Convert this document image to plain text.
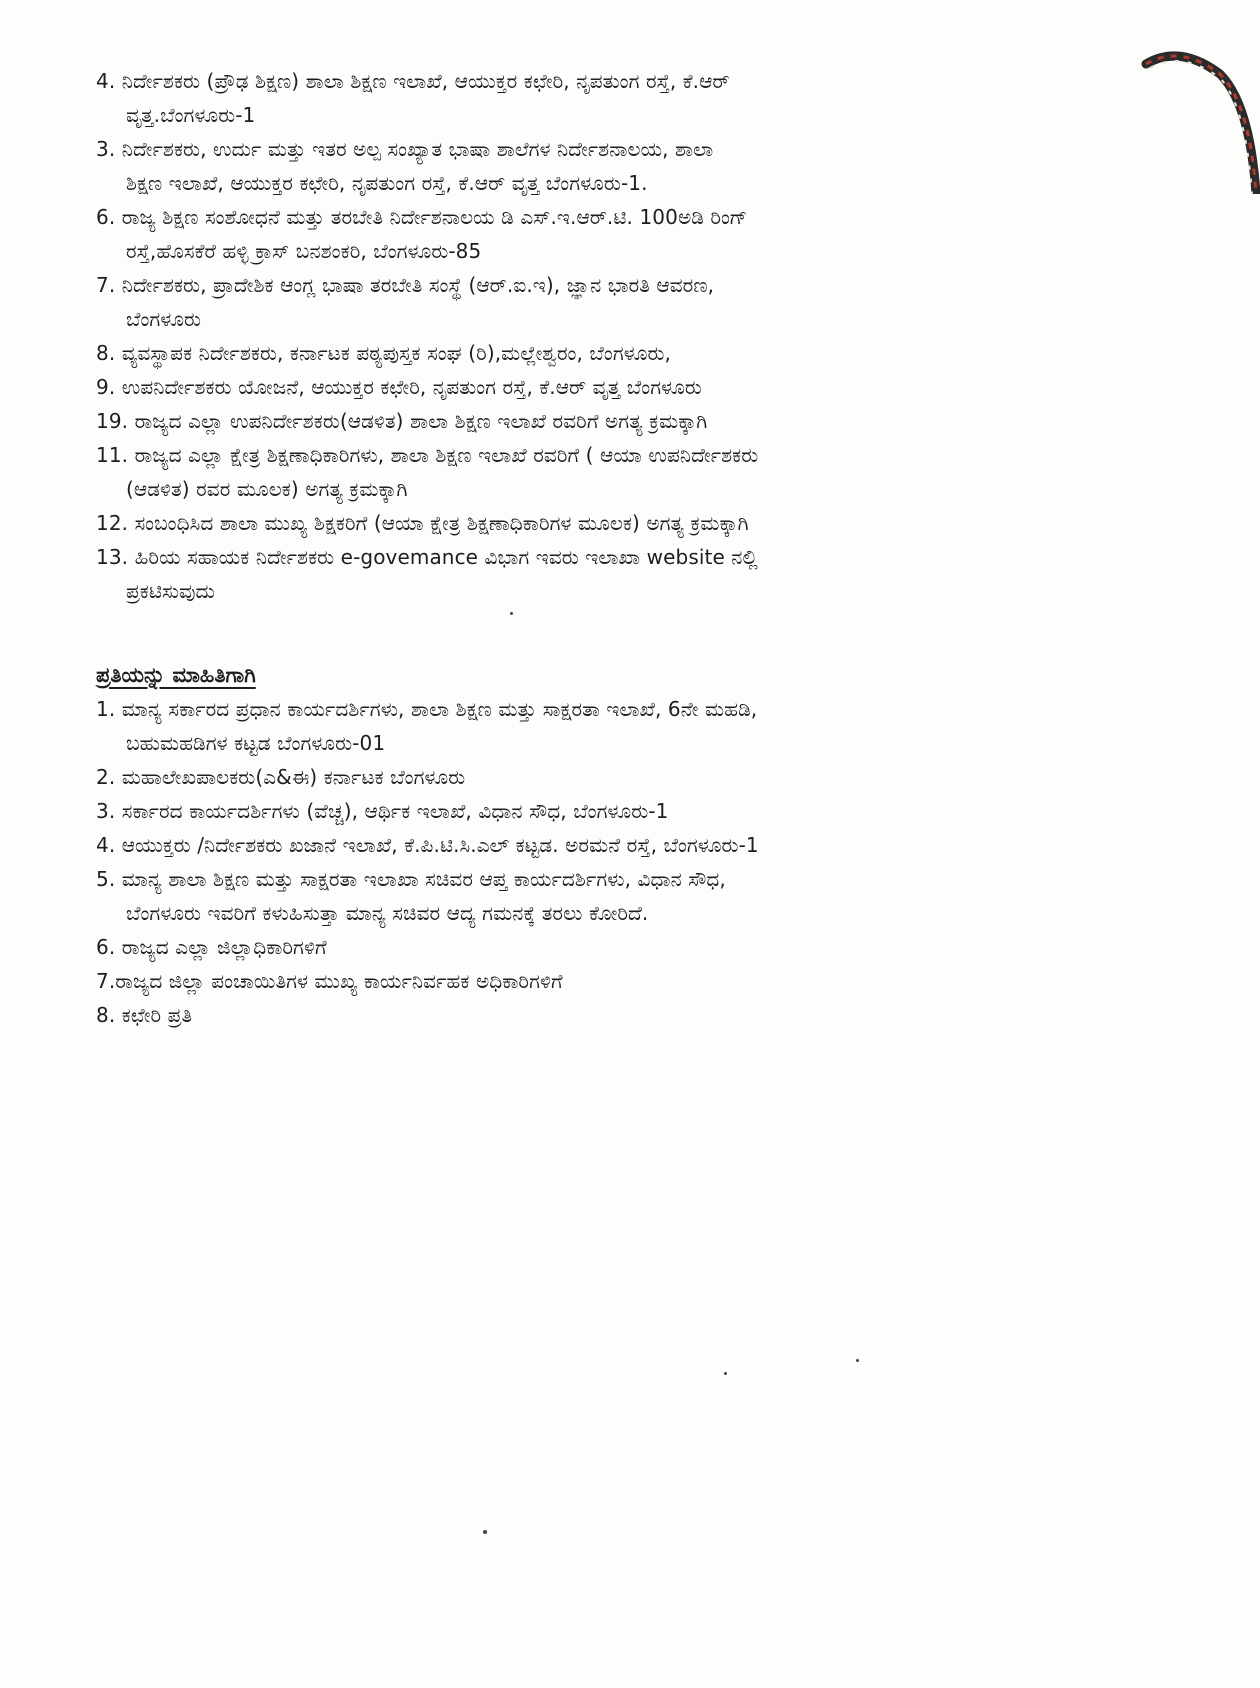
4. ನಿರ್ದೇಶಕರು (ಪ್ರೌಢ ಶಿಕ್ಷಣ) ಶಾಲಾ ಶಿಕ್ಷಣ ಇಲಾಖೆ, ಆಯುಕ್ತರ ಕಛೇರಿ, ನೃಪತುಂಗ ರಸ್ತೆ, ಕೆ.ಆರ್
ವೃತ್ತ.ಬೆಂಗಳೂರು-1
3. ನಿರ್ದೇಶಕರು, ಉರ್ದು ಮತ್ತು ಇತರ ಅಲ್ಪ ಸಂಖ್ಯಾತ ಭಾಷಾ ಶಾಲೆಗಳ ನಿರ್ದೇಶನಾಲಯ, ಶಾಲಾ
ಶಿಕ್ಷಣ ಇಲಾಖೆ, ಆಯುಕ್ತರ ಕಛೇರಿ, ನೃಪತುಂಗ ರಸ್ತೆ, ಕೆ.ಆರ್ ವೃತ್ತ ಬೆಂಗಳೂರು-1.
6. ರಾಜ್ಯ ಶಿಕ್ಷಣ ಸಂಶೋಧನೆ ಮತ್ತು ತರಬೇತಿ ನಿರ್ದೇಶನಾಲಯ ಡಿ ಎಸ್.ಇ.ಆರ್.ಟಿ. 100ಅಡಿ ರಿಂಗ್
ರಸ್ತೆ,ಹೊಸಕೆರೆ ಹಳ್ಳಿ ಕ್ರಾಸ್ ಬನಶಂಕರಿ, ಬೆಂಗಳೂರು-85
7. ನಿರ್ದೇಶಕರು, ಪ್ರಾದೇಶಿಕ ಆಂಗ್ಲ ಭಾಷಾ ತರಬೇತಿ ಸಂಸ್ಥೆ (ಆರ್.ಐ.ಇ), ಜ್ಞಾನ ಭಾರತಿ ಆವರಣ,
ಬೆಂಗಳೂರು
8. ವ್ಯವಸ್ಥಾಪಕ ನಿರ್ದೇಶಕರು, ಕರ್ನಾಟಕ ಪಠ್ಯಪುಸ್ತಕ ಸಂಘ (ರಿ),ಮಲ್ಲೇಶ್ವರಂ, ಬೆಂಗಳೂರು,
9. ಉಪನಿರ್ದೇಶಕರು ಯೋಜನೆ, ಆಯುಕ್ತರ ಕಛೇರಿ, ನೃಪತುಂಗ ರಸ್ತೆ, ಕೆ.ಆರ್ ವೃತ್ತ ಬೆಂಗಳೂರು
19. ರಾಜ್ಯದ ಎಲ್ಲಾ ಉಪನಿರ್ದೇಶಕರು(ಆಡಳಿತ) ಶಾಲಾ ಶಿಕ್ಷಣ ಇಲಾಖೆ ರವರಿಗೆ ಅಗತ್ಯ ಕ್ರಮಕ್ಕಾಗಿ
11. ರಾಜ್ಯದ ಎಲ್ಲಾ ಕ್ಷೇತ್ರ ಶಿಕ್ಷಣಾಧಿಕಾರಿಗಳು, ಶಾಲಾ ಶಿಕ್ಷಣ ಇಲಾಖೆ ರವರಿಗೆ ( ಆಯಾ ಉಪನಿರ್ದೇಶಕರು
(ಆಡಳಿತ) ರವರ ಮೂಲಕ) ಅಗತ್ಯ ಕ್ರಮಕ್ಕಾಗಿ
12. ಸಂಬಂಧಿಸಿದ ಶಾಲಾ ಮುಖ್ಯ ಶಿಕ್ಷಕರಿಗೆ (ಆಯಾ ಕ್ಷೇತ್ರ ಶಿಕ್ಷಣಾಧಿಕಾರಿಗಳ ಮೂಲಕ) ಅಗತ್ಯ ಕ್ರಮಕ್ಕಾಗಿ
13. ಹಿರಿಯ ಸಹಾಯಕ ನಿರ್ದೇಶಕರು e-govemance ವಿಭಾಗ ಇವರು ಇಲಾಖಾ website ನಲ್ಲಿ
ಪ್ರಕಟಿಸುವುದು
ಪ್ರತಿಯನ್ನು ಮಾಹಿತಿಗಾಗಿ
1. ಮಾನ್ಯ ಸರ್ಕಾರದ ಪ್ರಧಾನ ಕಾರ್ಯದರ್ಶಿಗಳು, ಶಾಲಾ ಶಿಕ್ಷಣ ಮತ್ತು ಸಾಕ್ಷರತಾ ಇಲಾಖೆ, 6ನೇ ಮಹಡಿ,
ಬಹುಮಹಡಿಗಳ ಕಟ್ಟಡ ಬೆಂಗಳೂರು-01
2. ಮಹಾಲೇಖಪಾಲಕರು(ಎ&ಈ) ಕರ್ನಾಟಕ ಬೆಂಗಳೂರು
3. ಸರ್ಕಾರದ ಕಾರ್ಯದರ್ಶಿಗಳು (ವೆಚ್ಚ), ಆರ್ಥಿಕ ಇಲಾಖೆ, ವಿಧಾನ ಸೌಧ, ಬೆಂಗಳೂರು-1
4. ಆಯುಕ್ತರು /ನಿರ್ದೇಶಕರು ಖಜಾನೆ ಇಲಾಖೆ, ಕೆ.ಪಿ.ಟಿ.ಸಿ.ಎಲ್ ಕಟ್ಟಡ. ಅರಮನೆ ರಸ್ತೆ, ಬೆಂಗಳೂರು-1
5. ಮಾನ್ಯ ಶಾಲಾ ಶಿಕ್ಷಣ ಮತ್ತು ಸಾಕ್ಷರತಾ ಇಲಾಖಾ ಸಚಿವರ ಆಪ್ತ ಕಾರ್ಯದರ್ಶಿಗಳು, ವಿಧಾನ ಸೌಧ,
ಬೆಂಗಳೂರು ಇವರಿಗೆ ಕಳುಹಿಸುತ್ತಾ ಮಾನ್ಯ ಸಚಿವರ ಆದ್ಯ ಗಮನಕ್ಕೆ ತರಲು ಕೋರಿದೆ.
6. ರಾಜ್ಯದ ಎಲ್ಲಾ ಜಿಲ್ಲಾಧಿಕಾರಿಗಳಿಗೆ
7.ರಾಜ್ಯದ ಜಿಲ್ಲಾ ಪಂಚಾಯಿತಿಗಳ ಮುಖ್ಯ ಕಾರ್ಯನಿರ್ವಹಕ ಅಧಿಕಾರಿಗಳಿಗೆ
8. ಕಛೇರಿ ಪ್ರತಿ
